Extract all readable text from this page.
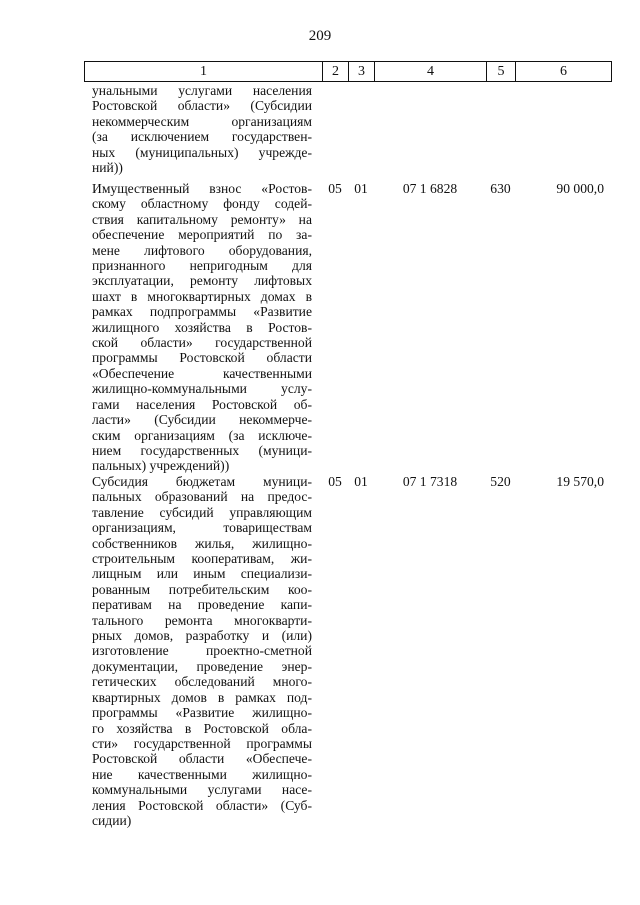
209
1	2	3	4	5	6
унальными услугами населения
Ростовской области» (Субсидии
некоммерческим организациям
(за исключением государствен-
ных (муниципальных) учрежде-
ний))
Имущественный взнос «Ростов-
скому областному фонду содей-
ствия капитальному ремонту» на
обеспечение мероприятий по за-
мене лифтового оборудования,
признанного непригодным для
эксплуатации, ремонту лифтовых
шахт в многоквартирных домах в
рамках подпрограммы «Развитие
жилищного хозяйства в Ростов-
ской области» государственной
программы Ростовской области
«Обеспечение качественными
жилищно-коммунальными услу-
гами населения Ростовской об-
ласти» (Субсидии некоммерче-
ским организациям (за исключе-
нием государственных (муници-
пальных) учреждений))
05 01	07 1 6828	630	90 000,0
Субсидия бюджетам муници-
пальных образований на предос-
тавление субсидий управляющим
организациям, товариществам
собственников жилья, жилищно-
строительным кооперативам, жи-
лищным или иным специализи-
рованным потребительским коо-
перативам на проведение капи-
тального ремонта многокварти-
рных домов, разработку и (или)
изготовление проектно-сметной
документации, проведение энер-
гетических обследований много-
квартирных домов в рамках под-
программы «Развитие жилищно-
го хозяйства в Ростовской обла-
сти» государственной программы
Ростовской области «Обеспече-
ние качественными жилищно-
коммунальными услугами насе-
ления Ростовской области» (Суб-
сидии)
05 01	07 1 7318	520	19 570,0
